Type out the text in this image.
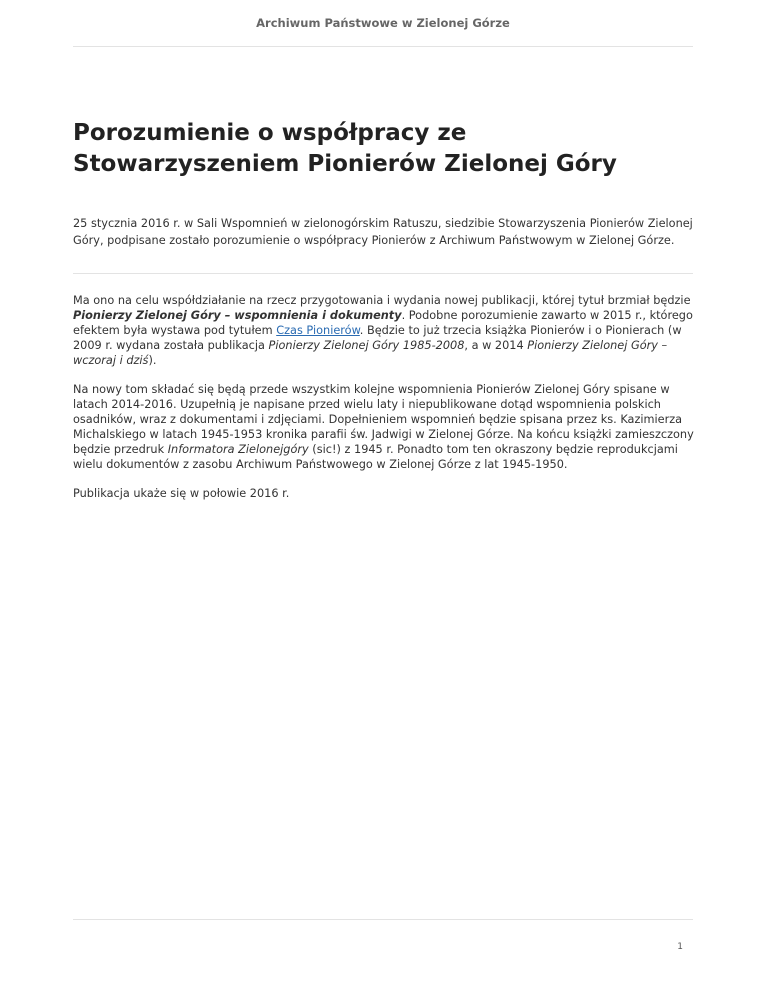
Archiwum Państwowe w Zielonej Górze
Porozumienie o współpracy ze Stowarzyszeniem Pionierów Zielonej Góry

25 stycznia 2016 r. w Sali Wspomnień w zielonogórskim Ratuszu, siedzibie Stowarzyszenia Pionierów Zielonej Góry, podpisane zostało porozumienie o współpracy Pionierów z Archiwum Państwowym w Zielonej Górze.

Ma ono na celu współdziałanie na rzecz przygotowania i wydania nowej publikacji, której tytuł brzmiał będzie Pionierzy Zielonej Góry – wspomnienia i dokumenty. Podobne porozumienie zawarto w 2015 r., którego efektem była wystawa pod tytułem Czas Pionierów. Będzie to już trzecia książka Pionierów i o Pionierach (w 2009 r. wydana została publikacja Pionierzy Zielonej Góry 1985-2008, a w 2014 Pionierzy Zielonej Góry – wczoraj i dziś).

Na nowy tom składać się będą przede wszystkim kolejne wspomnienia Pionierów Zielonej Góry spisane w latach 2014-2016. Uzupełnią je napisane przed wielu laty i niepublikowane dotąd wspomnienia polskich osadników, wraz z dokumentami i zdjęciami. Dopełnieniem wspomnień będzie spisana przez ks. Kazimierza Michalskiego w latach 1945-1953 kronika parafii św. Jadwigi w Zielonej Górze. Na końcu książki zamieszczony będzie przedruk Informatora Zielonejgóry (sic!) z 1945 r. Ponadto tom ten okraszony będzie reprodukcjami wielu dokumentów z zasobu Archiwum Państwowego w Zielonej Górze z lat 1945-1950.

Publikacja ukaże się w połowie 2016 r.

1
